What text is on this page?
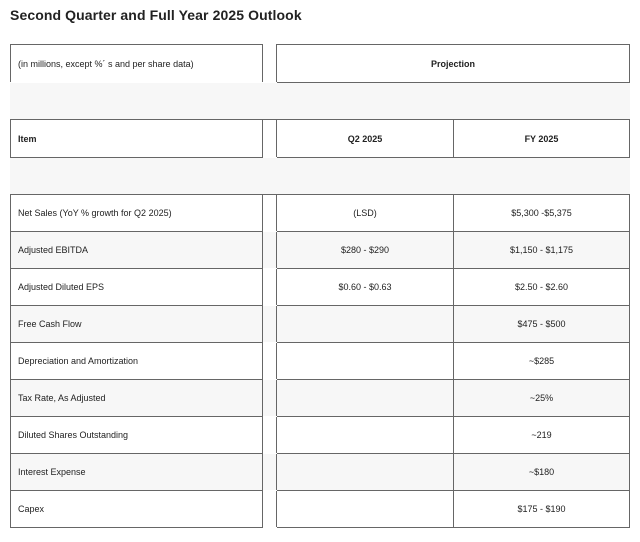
Second Quarter and Full Year 2025 Outlook
(in millions, except %´ s and per share data)		Projection	

Item		Q2 2025	FY 2025

Net Sales (YoY % growth for Q2 2025)		(LSD)	$5,300 -$5,375
Adjusted EBITDA		$280 - $290	$1,150 - $1,175
Adjusted Diluted EPS		$0.60 - $0.63	$2.50 - $2.60
Free Cash Flow			$475 - $500
Depreciation and Amortization			~$285
Tax Rate, As Adjusted			~25%
Diluted Shares Outstanding			~219
Interest Expense			~$180
Capex			$175 - $190
